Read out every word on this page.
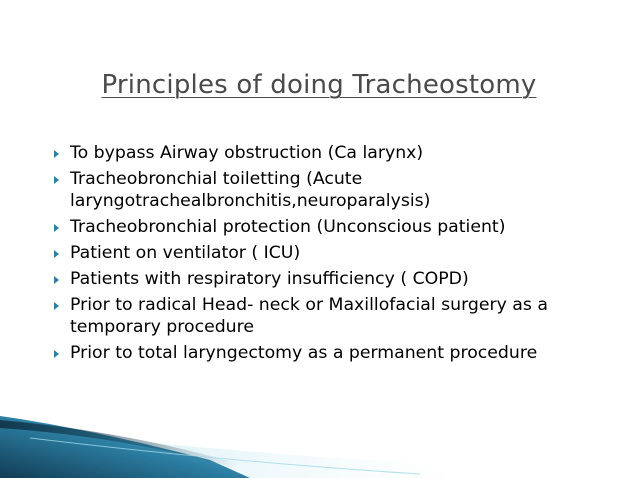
Principles of doing Tracheostomy
To bypass Airway obstruction (Ca larynx)
Tracheobronchial toiletting (Acute laryngotrachealbronchitis,neuroparalysis)
Tracheobronchial protection (Unconscious patient)
Patient on ventilator ( ICU)
Patients with respiratory insufficiency ( COPD)
Prior to radical Head- neck or Maxillofacial surgery as a temporary procedure
Prior to total laryngectomy as a permanent procedure
